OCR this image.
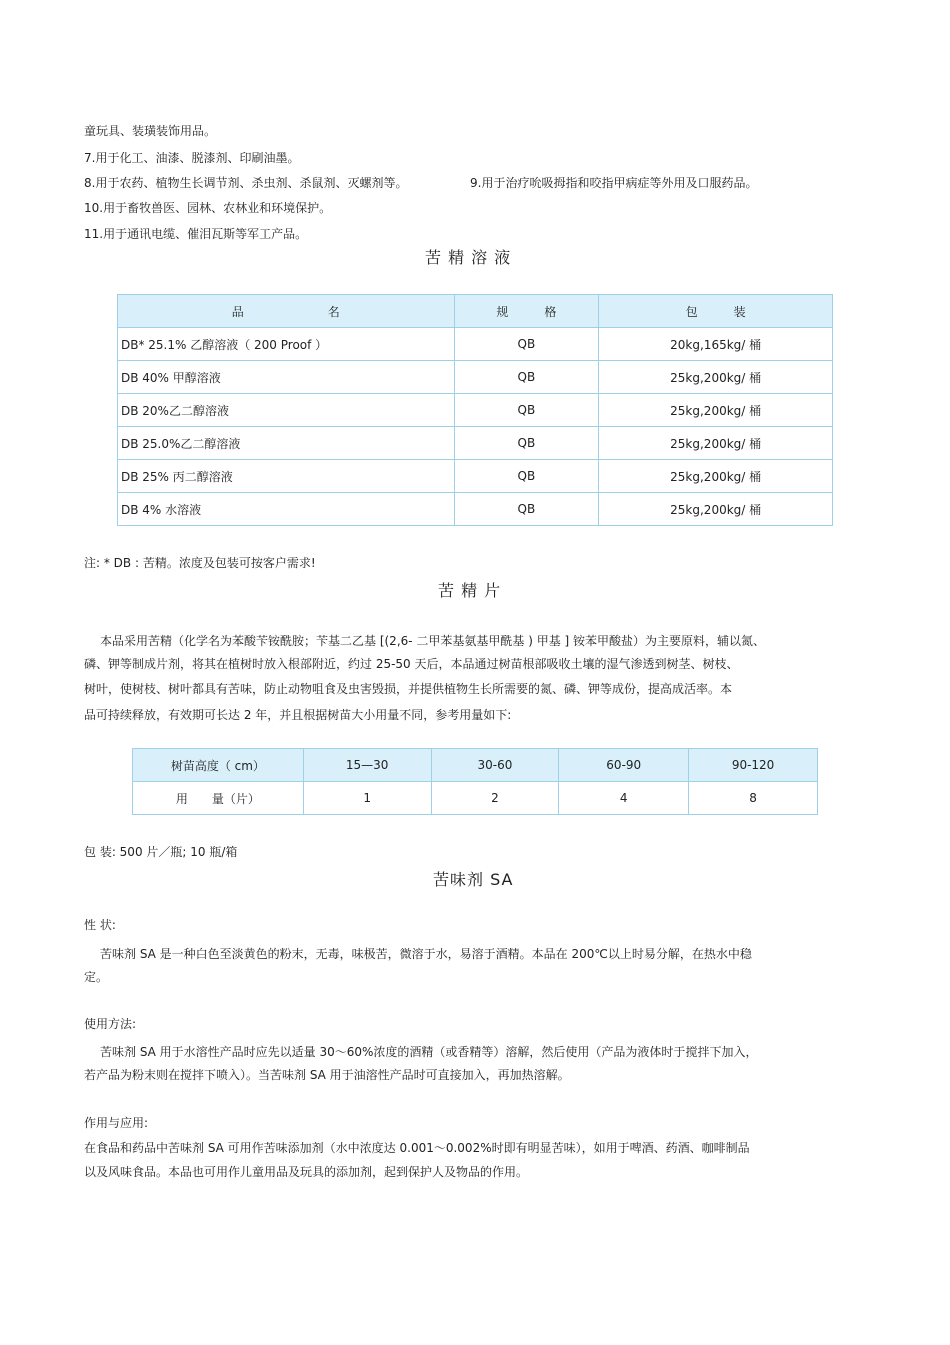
童玩具、装璜装饰用品。
7.用于化工、油漆、脱漆剂、印刷油墨。
8.用于农药、植物生长调节剂、杀虫剂、杀鼠剂、灭螺剂等。	9.用于治疗吮吸拇指和咬指甲病症等外用及口服药品。
10.用于畜牧兽医、园林、农林业和环境保护。
11.用于通讯电缆、催泪瓦斯等军工产品。
苦 精 溶 液
品　　　　　　　名	规　　　格	包　　　装
DB* 25.1% 乙醇溶液（ 200 Proof ）	QB	20kg,165kg/ 桶
DB 40% 甲醇溶液	QB	25kg,200kg/ 桶
DB 20%乙二醇溶液	QB	25kg,200kg/ 桶
DB 25.0%乙二醇溶液	QB	25kg,200kg/ 桶
DB 25% 丙二醇溶液	QB	25kg,200kg/ 桶
DB 4% 水溶液	QB	25kg,200kg/ 桶
注: * DB : 苦精。浓度及包装可按客户需求!
苦 精 片
本品采用苦精（化学名为苯酸苄铵酰胺；苄基二乙基 [(2,6- 二甲苯基氨基甲酰基 ) 甲基 ] 铵苯甲酸盐）为主要原料，辅以氮、
磷、钾等制成片剂，将其在植树时放入根部附近，约过 25-50 天后，本品通过树苗根部吸收土壤的湿气渗透到树茎、树枝、
树叶，使树枝、树叶都具有苦味，防止动物咀食及虫害毁损，并提供植物生长所需要的氮、磷、钾等成份，提高成活率。本
品可持续释放，有效期可长达 2 年，并且根据树苗大小用量不同，参考用量如下:
树苗高度（ cm）	15—30	30-60	60-90	90-120
用　　量（片）	1	2	4	8
包 装: 500 片／瓶; 10 瓶/箱
苦味剂 SA
性 状:
苦味剂 SA 是一种白色至淡黄色的粉末，无毒，味极苦，微溶于水，易溶于酒精。本品在 200℃以上时易分解，在热水中稳
定。
使用方法:
苦味剂 SA 用于水溶性产品时应先以适量 30～60%浓度的酒精（或香精等）溶解，然后使用（产品为液体时于搅拌下加入，
若产品为粉末则在搅拌下喷入）。当苦味剂 SA 用于油溶性产品时可直接加入，再加热溶解。
作用与应用:
在食品和药品中苦味剂 SA 可用作苦味添加剂（水中浓度达 0.001～0.002%时即有明显苦味），如用于啤酒、药酒、咖啡制品
以及风味食品。本品也可用作儿童用品及玩具的添加剂，起到保护人及物品的作用。
